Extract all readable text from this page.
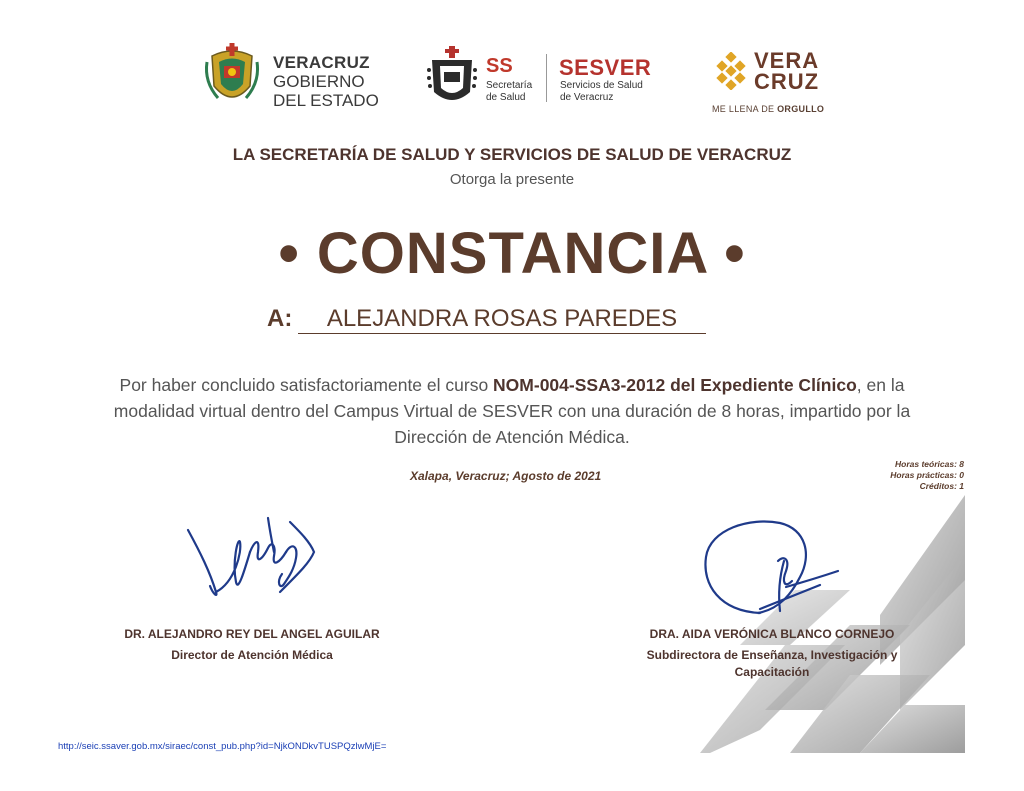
VERACRUZ
GOBIERNO
DEL ESTADO
SS
Secretaría
de Salud
SESVER
Servicios de Salud
de Veracruz
VERA
CRUZ
ME LLENA DE ORGULLO
LA SECRETARÍA DE SALUD Y SERVICIOS DE SALUD DE VERACRUZ
Otorga la presente
• CONSTANCIA •
A:	ALEJANDRA ROSAS PAREDES
Por haber concluido satisfactoriamente el curso NOM-004-SSA3-2012 del Expediente Clínico, en la modalidad virtual dentro del Campus Virtual de SESVER con una duración de 8 horas, impartido por la Dirección de Atención Médica.
Xalapa, Veracruz; Agosto de 2021
Horas teóricas: 8
Horas prácticas: 0
Créditos: 1
DR. ALEJANDRO REY DEL ANGEL AGUILAR
Director de Atención Médica
DRA. AIDA VERÓNICA BLANCO CORNEJO
Subdirectora de Enseñanza, Investigación y
Capacitación
http://seic.ssaver.gob.mx/siraec/const_pub.php?id=NjkONDkvTUSPQzlwMjE=
